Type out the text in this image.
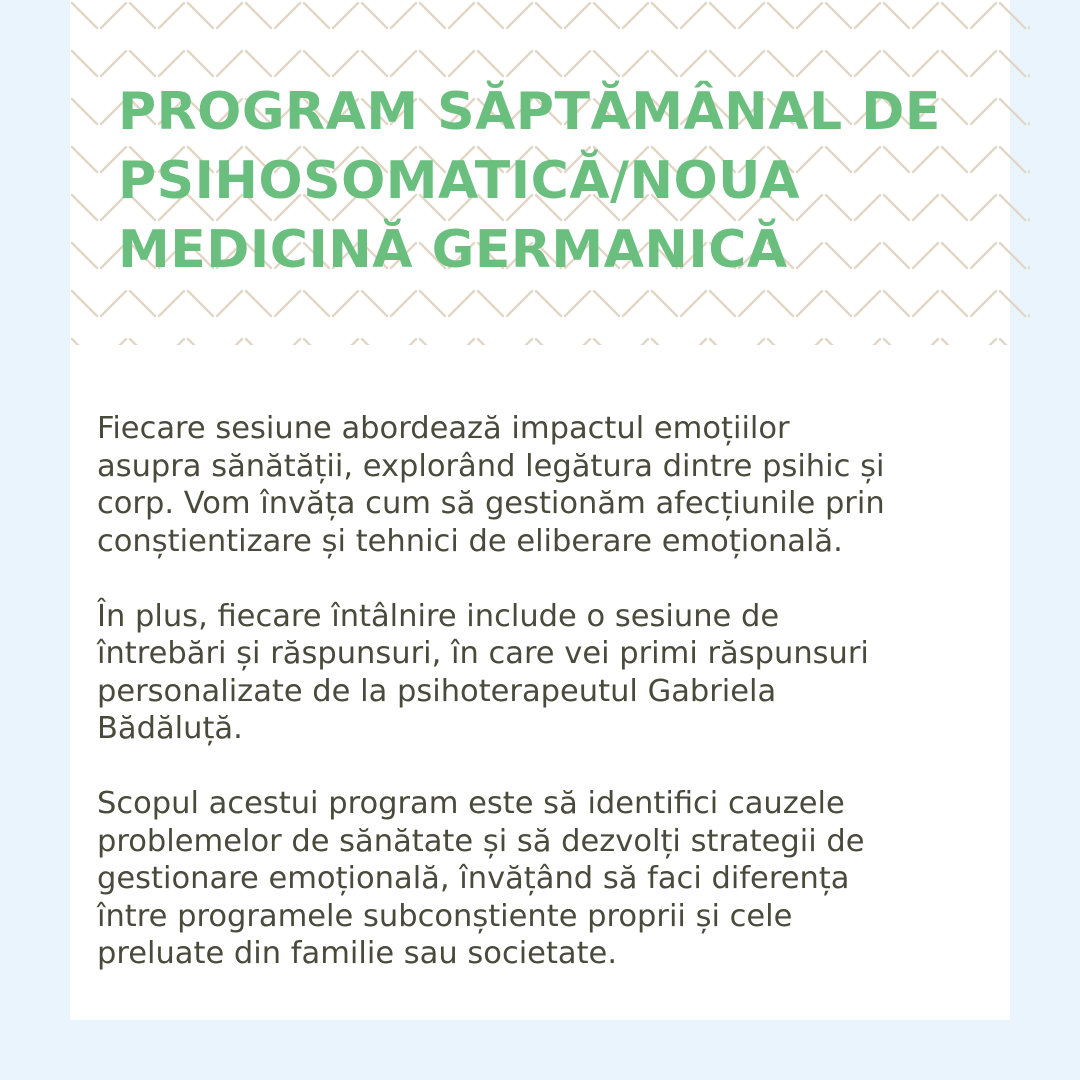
PROGRAM SĂPTĂMÂNAL DE
PSIHOSOMATICĂ/NOUA
MEDICINĂ GERMANICĂ

Fiecare sesiune abordează impactul emoțiilor
asupra sănătății, explorând legătura dintre psihic și
corp. Vom învăța cum să gestionăm afecțiunile prin
conștientizare și tehnici de eliberare emoțională.

În plus, fiecare întâlnire include o sesiune de
întrebări și răspunsuri, în care vei primi răspunsuri
personalizate de la psihoterapeutul Gabriela
Bădăluță.

Scopul acestui program este să identifici cauzele
problemelor de sănătate și să dezvolți strategii de
gestionare emoțională, învățând să faci diferența
între programele subconștiente proprii și cele
preluate din familie sau societate.
